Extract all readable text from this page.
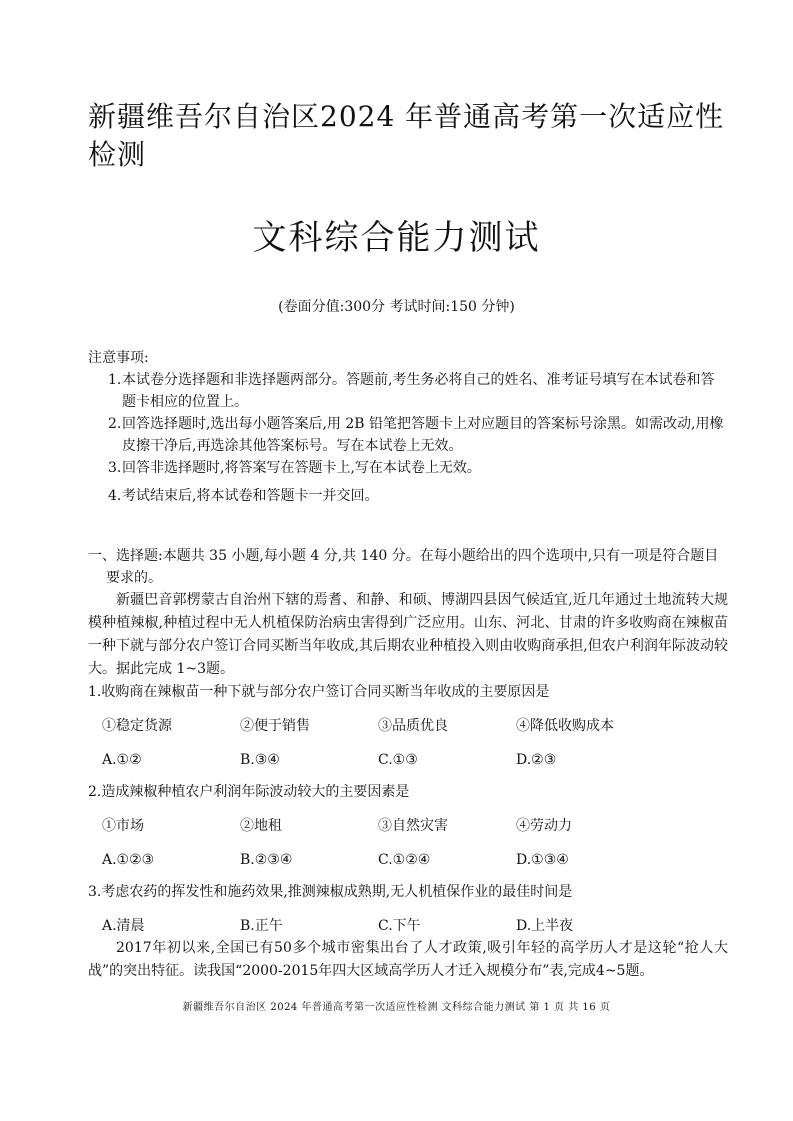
新疆维吾尔自治区2024 年普通高考第一次适应性检测
文科综合能力测试
(卷面分值:300分 考试时间:150 分钟)
注意事项:
1. 本试卷分选择题和非选择题两部分。答题前,考生务必将自己的姓名、准考证号填写在本试卷和答题卡相应的位置上。
2. 回答选择题时,选出每小题答案后,用 2B 铅笔把答题卡上对应题目的答案标号涂黑。如需改动,用橡皮擦干净后,再选涂其他答案标号。写在本试卷上无效。
3. 回答非选择题时,将答案写在答题卡上,写在本试卷上无效。
4. 考试结束后,将本试卷和答题卡一并交回。
一、选择题:本题共 35 小题,每小题 4 分,共 140 分。在每小题给出的四个选项中,只有一项是符合题目要求的。
新疆巴音郭楞蒙古自治州下辖的焉耆、和静、和硕、博湖四县因气候适宜,近几年通过土地流转大规模种植辣椒,种植过程中无人机植保防治病虫害得到广泛应用。山东、河北、甘肃的许多收购商在辣椒苗一种下就与部分农户签订合同买断当年收成,其后期农业种植投入则由收购商承担,但农户利润年际波动较大。据此完成 1~3题。
1.收购商在辣椒苗一种下就与部分农户签订合同买断当年收成的主要原因是
①稳定货源	②便于销售	③品质优良	④降低收购成本
A.①②	B.③④	C.①③	D.②③
2.造成辣椒种植农户利润年际波动较大的主要因素是
①市场	②地租	③自然灾害	④劳动力
A.①②③	B.②③④	C.①②④	D.①③④
3.考虑农药的挥发性和施药效果,推测辣椒成熟期,无人机植保作业的最佳时间是
A.清晨	B.正午	C.下午	D.上半夜
2017年初以来,全国已有50多个城市密集出台了人才政策,吸引年轻的高学历人才是这轮“抢人大战”的突出特征。读我国“2000-2015年四大区域高学历人才迁入规模分布”表,完成4~5题。
新疆维吾尔自治区 2024 年普通高考第一次适应性检测 文科综合能力测试 第 1 页 共 16 页
